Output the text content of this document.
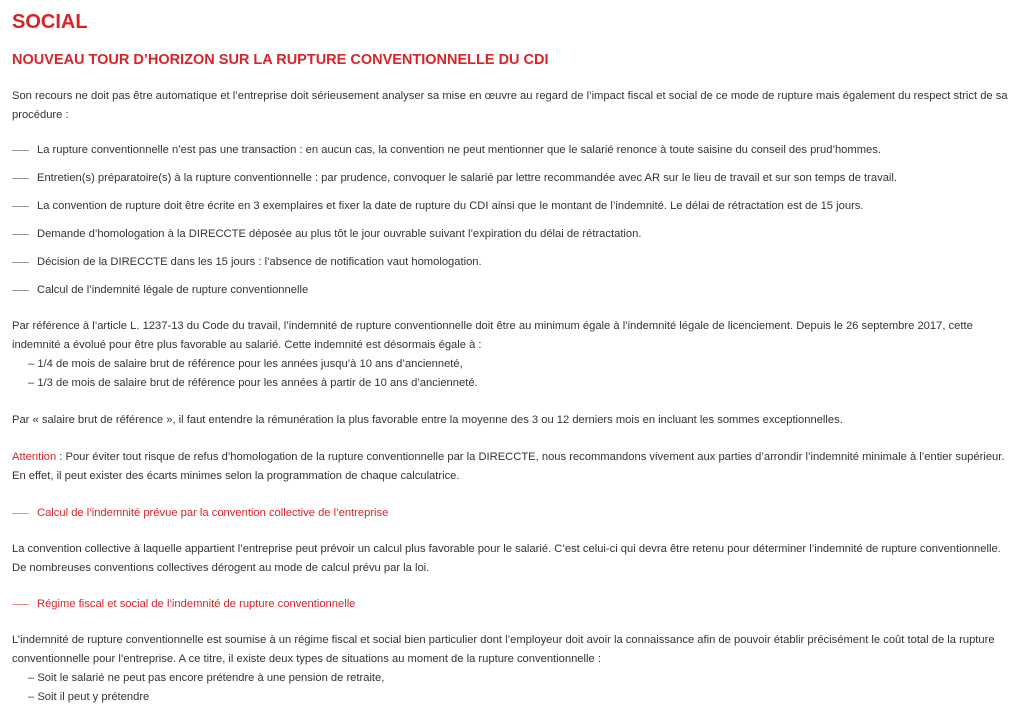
SOCIAL
NOUVEAU TOUR D’HORIZON SUR LA RUPTURE CONVENTIONNELLE DU CDI

Son recours ne doit pas être automatique et l’entreprise doit sérieusement analyser sa mise en œuvre au regard de l’impact fiscal et social de ce mode de rupture mais également du respect strict de sa procédure :

La rupture conventionnelle n’est pas une transaction : en aucun cas, la convention ne peut mentionner que le salarié renonce à toute saisine du conseil des prud’hommes.
Entretien(s) préparatoire(s) à la rupture conventionnelle : par prudence, convoquer le salarié par lettre recommandée avec AR sur le lieu de travail et sur son temps de travail.
La convention de rupture doit être écrite en 3 exemplaires et fixer la date de rupture du CDI ainsi que le montant de l’indemnité. Le délai de rétractation est de 15 jours.
Demande d’homologation à la DIRECCTE déposée au plus tôt le jour ouvrable suivant l’expiration du délai de rétractation.
Décision de la DIRECCTE dans les 15 jours : l’absence de notification vaut homologation.
Calcul de l’indemnité légale de rupture conventionnelle

Par référence à l’article L. 1237-13 du Code du travail, l’indemnité de rupture conventionnelle doit être au minimum égale à l’indemnité légale de licenciement. Depuis le 26 septembre 2017, cette indemnité a évolué pour être plus favorable au salarié. Cette indemnité est désormais égale à :

– 1/4 de mois de salaire brut de référence pour les années jusqu’à 10 ans d’ancienneté,
– 1/3 de mois de salaire brut de référence pour les années à partir de 10 ans d’ancienneté.

Par « salaire brut de référence », il faut entendre la rémunération la plus favorable entre la moyenne des 3 ou 12 derniers mois en incluant les sommes exceptionnelles.

Attention : Pour éviter tout risque de refus d’homologation de la rupture conventionnelle par la DIRECCTE, nous recommandons vivement aux parties d’arrondir l’indemnité minimale à l’entier supérieur. En effet, il peut exister des écarts minimes selon la programmation de chaque calculatrice.

Calcul de l’indemnité prévue par la convention collective de l’entreprise

La convention collective à laquelle appartient l’entreprise peut prévoir un calcul plus favorable pour le salarié. C’est celui-ci qui devra être retenu pour déterminer l’indemnité de rupture conventionnelle. De nombreuses conventions collectives dérogent au mode de calcul prévu par la loi.

Régime fiscal et social de l’indemnité de rupture conventionnelle

L’indemnité de rupture conventionnelle est soumise à un régime fiscal et social bien particulier dont l’employeur doit avoir la connaissance afin de pouvoir établir précisément le coût total de la rupture conventionnelle pour l’entreprise. A ce titre, il existe deux types de situations au moment de la rupture conventionnelle :

– Soit le salarié ne peut pas encore prétendre à une pension de retraite,
– Soit il peut y prétendre
